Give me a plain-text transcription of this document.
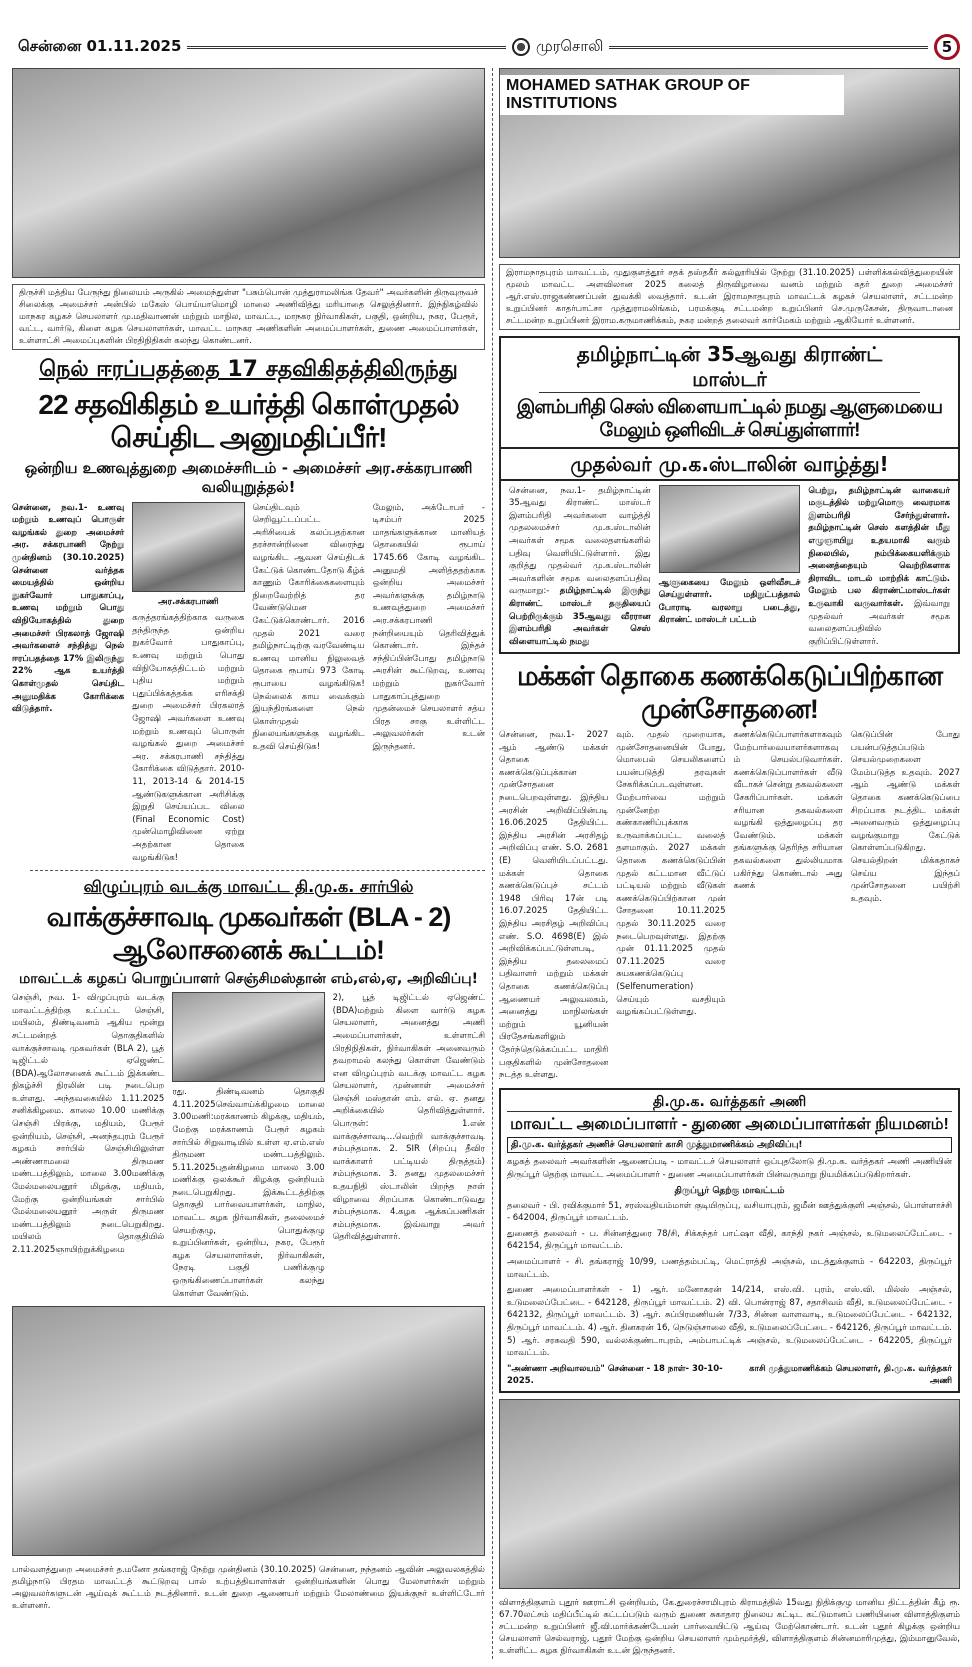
சென்னை 01.11.2025	முரசொலி	5
திருச்சி மத்திய பேருந்து நிலையம் அருகில் அமைந்துள்ள "பசும்பொன் முத்துராமலிங்க தேவர்" அவர்களின் திருவுருவச் சிலைக்கு அமைச்சர் அன்பில் மகேஸ் பொய்யாமொழி மாலை அணிவித்து மரியாதை செலுத்தினார். இந்நிகழ்வில் மாநகர கழகச் செயலாளர் மு.மதிவாணன் மற்றும் மாநில, மாவட்ட, மாநகர நிர்வாகிகள், பகுதி, ஒன்றிய, நகர, பேரூர், வட்ட, வார்டு, கிளை கழக செயலாளர்கள், மாவட்ட மாநகர அணிகளின் அமைப்பாளர்கள், துணை அமைப்பாளர்கள், உள்ளாட்சி அமைப்புகளின் பிரதிநிதிகள் கலந்து கொண்டனர்.
நெல் ஈரப்பதத்தை 17 சதவிகிதத்திலிருந்து
22 சதவிகிதம் உயர்த்தி கொள்முதல் செய்திட அனுமதிப்பீர்!
ஒன்றிய உணவுத்துறை அமைச்சரிடம் - அமைச்சர் அர.சக்கரபாணி வலியுறுத்தல்!
சென்னை, நவ.1- உணவு மற்றும் உணவுப் பொருள் வழங்கல் துறை அமைச்சர் அர. சக்கரபாணி நேற்று முன்தினம் (30.10.2025) சென்னை வர்த்தக மையத்தில் ஒன்றிய நுகர்வோர் பாதுகாப்பு, உணவு மற்றும் பொது விநியோகத்தில் துறை அமைச்சர் பிரகலாத் ஜோஷி அவர்களைச் சந்தித்து நெல் ஈரப்பதத்தை 17% இலிருந்து 22% ஆக உயர்த்தி கொள்முதல் செய்திட அனுமதிக்க கோரிக்கை விடுத்தார்.
அர.சக்கரபாணி
கருத்தரங்கத்திற்காக வருகை தந்திருந்த ஒன்றிய நுகர்வோர் பாதுகாப்பு, உணவு மற்றும் பொது விநியோகத்திட்டம் மற்றும் புதிய மற்றும் புதுப்பிக்கத்தக்க எரிசக்தி துறை அமைச்சர் பிரகலாத் ஜோஷி அவர்களை உணவு மற்றும் உணவுப் பொருள் வழங்கல் துறை அமைச்சர் அர. சக்கரபாணி சந்தித்து கோரிக்கை விடுத்தார். 2010-11, 2013-14 & 2014-15 ஆண்டுகளுக்கான அரிசிக்கு இறுதி செய்யப்பட விலை (Final Economic Cost) முன்மொழிவினை ஏற்று அதற்கான தொகை வழங்கிடுக!
செய்திடவும் செறிவூட்டப்பட்ட அரிசியைக் கலப்பதற்கான தரச்சான்றினை விரைந்து வழங்கிட ஆவன செய்திடக் கேட்டுக் கொண்டதோடு கீழ்க் காணும் கோரிக்கைகளையும் நிறைவேற்றித் தர வேண்டுமென கேட்டுக்கொண்டார். 2016 முதல் 2021 வரை தமிழ்நாட்டிற்கு வரவேண்டிய உணவு மானிய நிலுவைத் தொகை ரூபாய் 973 கோடி ரூபாயை வழங்கிடுக! நெல்லைக் காய வைக்கும் இயந்திரங்களை நெல் கொள்முதல் நிலையங்களுக்கு வழங்கிட உதவி செய்திடுக!
மேலும், அக்டோபர் - டிசம்பர் 2025 மாதங்களுக்கான மானியத் தொகையில் ரூபாய் 1745.66 கோடி வழங்கிட அனுமதி அளித்ததற்காக ஒன்றிய அமைச்சர் அவர்களுக்கு தமிழ்நாடு உணவுத்துறை அமைச்சர் அர.சக்கரபாணி நன்றியையும் தெரிவித்துக் கொண்டார். இந்தச் சந்திப்பின்போது தமிழ்நாடு அரசின் கூட்டுறவு, உணவு மற்றும் நுகர்வோர் பாதுகாப்புத்துறை முதன்மைச் செயலாளர் சத்ய பிரத சாகு உள்ளிட்ட அலுவலர்கள் உடன் இருந்தனர்.
விழுப்புரம் வடக்கு மாவட்ட தி.மு.க. சார்பில்
வாக்குச்சாவடி முகவர்கள் (BLA - 2) ஆலோசனைக் கூட்டம்!
மாவட்டக் கழகப் பொறுப்பாளர் செஞ்சிமஸ்தான் எம்,எல்,ஏ, அறிவிப்பு!
செஞ்சி, நவ. 1- விழுப்புரம் வடக்கு மாவட்டத்திற்கு உட்பட்ட செஞ்சி, மயிலம், திண்டிவனம் ஆகிய மூன்று சட்டமன்றத் தொகுதிகளில் வாக்குச்சாவடி முகவர்கள் (BLA 2), பூத் டிஜிட்டல் ஏஜெண்ட் (BDA)ஆலோசனைக் கூட்டம் இக்கண்ட நிகழ்ச்சி நிரலின் படி நடைபெற உள்ளது. அந்தவகையில் 1.11.2025 சனிக்கிழமை. காலை 10.00 மணிக்கு செஞ்சி பிரக்கு, மதியம், பேரூர் ஒன்றியம், செஞ்சி, அனந்தபுரம் பேரூர் கழகம் சார்பில் செஞ்சியிலுள்ள அண்ணாமலை திருமண மண்டபத்திலும், மாலை 3.00மணிக்கு மேல்மலையனூர் மிழக்கு, மதியம், மேற்கு ஒன்றியங்கள் சார்பில் மேல்மலையனூர் அருள் திருமண மண்டபத்திலும் நடைபெறுகிறது. மயிலம் தொகுதியில் 2.11.2025ஞாயிற்றுக்கிழமை
ரது. திண்டிவனம் தொகுதி 4.11.2025செவ்வாய்க்கிழமை மாலை 3.00மணி:மரக்காணம் கிழக்கு, மதியம், மேற்கு மரக்காணம் பேரூர் கழகம் சார்பில் சிறுவாடியில் உள்ள ஏ.எம்.எஸ் திருமண மண்டபத்திலும். 5.11.2025புதன்கிழமை மாலை 3.00 மணிக்கு ஒலக்கூர் கிழக்கு ஒன்றியம் நடைபெறுகிறது. இக்கூட்டத்திற்கு தொகுதி பார்வையாளர்கள், மாநில, மாவட்ட கழக நிர்வாகிகள், தலைமைச் செயற்குழு, பொதுக்குழு உறுப்பினர்கள், ஒன்றிய, நகர, பேரூர் கழக செயலாளர்கள், நிர்வாகிகள், நேரடி பகுதி பணிக்குழு ஒருங்கிணைப்பாளர்கள் கலந்து கொள்ள வேண்டும்.
2), பூத் டிஜிட்டல் ஏஜெண்ட் (BDA)மற்றும் கிளை வார்டு கழக செயலாளர், அனைத்து அணி அமைப்பாளர்கள், உள்ளாட்சி பிரதிநிதிகள், நிர்வாகிகள் அனைவரும் தவறாமல் கலந்து கொள்ள வேண்டும் என விழுப்புரம் வடக்கு மாவட்ட கழக செயலாளர், முன்னாள் அமைச்சர் செஞ்சி மஸ்தான் எம். எல். ஏ. தனது அறிக்கையில் தெரிவித்துள்ளார். பொருள்: 1.என் வாக்குச்சாவடி...வெற்றி வாக்குச்சாவடி சம்பந்தமாக. 2. SIR (சிறப்பு தீவிர வாக்காளர் பட்டியல் திருத்தம்) சம்பந்தமாக. 3. தனது முதலமைச்சர் உதயநிதி ஸ்டாலின் பிறந்த நாள் விழாவை சிறப்பாக கொண்டாடுவது சம்பந்தமாக. 4.கழக ஆக்கப்பணிகள் சம்பந்தமாக. இவ்வாறு அவர் தெரிவித்துள்ளார்.
பால்வளத்துறை அமைச்சர் த.மனோ தங்கராஜ் நேற்று முன்தினம் (30.10.2025) சென்னை, நந்தனம் ஆவின் அலுவலகத்தில் தமிழ்நாடு பிரதம மாவட்டத் கூட்டுறவு பால் உற்பத்தியாளர்கள் ஒன்றியங்களின் பொது மேலாளர்கள் மற்றும் அலுவலர்களுடன் ஆய்வுக் கூட்டம் நடத்தினார். உடன் துறை ஆணையர் மற்றும் மேலாண்மை இயக்குநர் உள்ளிட்டோர் உள்ளனர்.
MOHAMED SATHAK GROUP OF INSTITUTIONS
இராமநாதபுரம் மாவட்டம், முதுகுளத்தூர் சதக் தஸ்தகீர் கல்லூரியில் நேற்று (31.10.2025) பள்ளிக்கல்வித்துறையின் மூலம் மாவட்ட அளவிலான 2025 கலைத் திருவிழாவை வனம் மற்றும் கதர் துறை அமைச்சர் ஆர்.எஸ்.ராஜகண்ணப்பன் துவக்கி வைத்தார். உடன் இராமநாதபுரம் மாவட்டக் கழகச் செயலாளர், சட்டமன்ற உறுப்பினர் காதர்பாட்சா முத்துராமலிங்கம், பரமக்குடி சட்டமன்ற உறுப்பினர் செ.முருகேசன், திருவாடானை சட்டமன்ற உறுப்பினர் இராம.கருமாணிக்கம், நகர மன்றத் தலைவர் கார்மேகம் மற்றும் ஆகியோர் உள்ளனர்.
தமிழ்நாட்டின் 35ஆவது கிராண்ட் மாஸ்டர்
இளம்பரிதி செஸ் விளையாட்டில் நமது ஆளுமையை மேலும் ஒளிவிடச் செய்துள்ளார்!
முதல்வர் மு.க.ஸ்டாலின் வாழ்த்து!
சென்னை, நவ.1- தமிழ்நாட்டின் 35ஆவது கிராண்ட் மாஸ்டர் இளம்பரிதி அவர்களை வாழ்த்தி முதலமைச்சர் மு.க.ஸ்டாலின் அவர்கள் சமூக வலைதளங்களில் பதிவு வெளியிட்டுள்ளார். இது குறித்து முதல்வர் மு.க.ஸ்டாலின் அவர்களின் சமூக வலைதளப்பதிவு வருமாறு:- தமிழ்நாட்டில் இருந்து கிராண்ட் மாஸ்டர் தகுதியைப் பெற்றிருக்கும் 35ஆவது வீரரான இளம்பரிதி அவர்கள் செஸ் விளையாட்டில் நமது
ஆளுகையை மேலும் ஒளிவீசடச் செய்துள்ளார். மதிநுட்பத்தால் போராடி வரலாறு படைத்து, கிராண்ட் மாஸ்டர் பட்டம்
பெற்று, தமிழ்நாட்டின் வாகையர் மகுடத்தில் மற்றுமொரு வைரமாக இளம்பரிதி சேர்ந்துள்ளார். தமிழ்நாட்டின் செஸ் களத்தின் மீது எழுஞாயிறு உதயமாகி வரும் நிலையில், நம்பிக்கையளிக்கும் அனைத்தையும் வெற்றிகளாக திராவிட மாடல் மாற்றிக் காட்டும். மேலும் பல கிராண்ட்மாஸ்டர்கள் உருவாகி வருவார்கள். இவ்வாறு முதல்வர் அவர்கள் சமூக வலைதளப்பதிவில் குறிப்பிட்டுள்ளார்.
மக்கள் தொகை கணக்கெடுப்பிற்கான முன்சோதனை!
சென்னை, நவ.1- 2027 ஆம் ஆண்டு மக்கள் தொகை கணக்கெடுப்புக்கான முன்சோதனை நடைபெறவுள்ளது. இந்திய அரசின் அறிவிப்பின்படி 16.06.2025 தேதியிட்ட இந்திய அரசின் அரசிதழ் அறிவிப்பு எண். S.O. 2681 (E) வெளியிடப்பட்டது. மக்கள் தொகை கணக்கெடுப்புச் சட்டம் 1948 பிரிவு 17ன் படி 16.07.2025 தேதியிட்ட இந்திய அரசிதழ் அறிவிப்பு எண். S.O. 4698(E) இல் அறிவிக்கப்பட்டுள்ளபடி, இந்திய தலைமைப் பதிவாளர் மற்றும் மக்கள் தொகை கணக்கெடுப்பு ஆணையர் அலுவலகம், அனைத்து மாநிலங்கள் மற்றும் யூனியன் பிரதேசங்களிலும் தேர்ந்தெடுக்கப்பட்ட மாதிரி பகுதிகளில் முன்சோதனை நடத்த உள்ளது.
வும். முதல் முறையாக, முன்சோதனையின் போது, மொபைல் செயலிகளைப் பயன்படுத்தி தரவுகள் சேகரிக்கப்படவுள்ளன. மேற்பார்வை மற்றும் முன்னேற்ற கண்காணிப்புக்காக உருவாக்கப்பட்ட வலைத் தளமாகும். 2027 மக்கள் தொகை கணக்கெடுப்பின் முதல் கட்டமான வீட்டுப் பட்டியல் மற்றும் வீடுகள் கணக்கெடுப்பிற்கான முன் சோதனை 10.11.2025 முதல் 30.11.2025 வரை நடைபெறவுள்ளது. இதற்கு முன் 01.11.2025 முதல் 07.11.2025 வரை சுயகணக்கெடுப்பு (Selfenumeration) செய்யும் வசதியும் வழங்கப்பட்டுள்ளது.
கணக்கெடுப்பாளர்களாகவும் மேற்பார்வையாளர்களாகவும் செயல்படுவார்கள். கணக்கெடுப்பாளர்கள் வீடு வீடாகச் சென்று தகவல்களை சேகரிப்பார்கள். மக்கள் சரியான தகவல்களை வழங்கி ஒத்துழைப்பு தர வேண்டும். மக்கள் தங்களுக்கு தெரிந்த சரியான தகவல்களை துல்லியமாக பகிர்ந்து கொண்டால் அது கணக்
கெடுப்பின் போது பயன்படுத்தப்படும் செயல்முறைகளை மேம்படுத்த உதவும். 2027 ஆம் ஆண்டு மக்கள் தொகை கணக்கெடுப்பை சிறப்பாக நடத்திட மக்கள் அனைவரும் ஒத்துழைப்பு வழங்குமாறு கேட்டுக் கொள்ளப்படுகிறது. செயல்திறன் மிக்கதாகச் செய்ய இந்தப் முன்சோதனை பயிற்சி உதவும்.
தி.மு.க. வர்த்தகர் அணி
மாவட்ட அமைப்பாளர் - துணை அமைப்பாளர்கள் நியமனம்!
தி.மு.க. வர்த்தகர் அணிச் செயலாளர் காசி முத்துமாணிக்கம் அறிவிப்பு!
கழகத் தலைவர் அவர்களின் ஆணைப்படி - மாவட்டச் செயலாளர் ஒப்புதலோடு தி.மு.க. வர்த்தகர் அணி அணியின் திருப்பூர் தெற்கு மாவட்ட அமைப்பாளர் - துணை அமைப்பாளர்கள் பின்வருமாறு நியமிக்கப்படுகிறார்கள்.
திருப்பூர் தெற்கு மாவட்டம்
தலைவர் - பி. ரவிக்குமார் 51, சரஸ்வதியம்மாள் குடியிருப்பு, வசியாபுரம், ஜமீன் ஊத்துக்குளி அஞ்சல், பொள்ளாச்சி - 642004, திருப்பூர் மாவட்டம்.
துணைத் தலைவர் - ப. சின்னத்துரை 78/சி, சிக்கந்தர் பாட்ஷா வீதி, காந்தி நகர் அஞ்சல், உடுமலைப்பேட்டை - 642154, திருப்பூர் மாவட்டம்.
அமைப்பாளர் - சி. தங்கராஜ் 10/99, பணத்தம்பட்டி, மெட்ராத்தி அஞ்சல், மடத்துக்குளம் - 642203, திருப்பூர் மாவட்டம்.
துணை அமைப்பாளர்கள் - 1) ஆர். மனோகரன் 14/214, எஸ்.வி. புரம், எஸ்.வி. மில்ஸ் அஞ்சல், உடுமலைப்பேட்டை - 642128, திருப்பூர் மாவட்டம். 2) வி. பொன்ராஜ் 87, சதாசிவம் வீதி, உடுமலைப்பேட்டை - 642132, திருப்பூர் மாவட்டம். 3) ஆர். சுப்பிரமணியன் 7/33, சின்ன வாளவாடி, உடுமலைப்பேட்டை - 642132, திருப்பூர் மாவட்டம். 4) ஆர். தினகரன் 16, நெடுஞ்சாலை வீதி, உடுமலைப்பேட்டை - 642126, திருப்பூர் மாவட்டம். 5) ஆர். சரசுவதி 590, வல்லக்குண்டாபுரம், அம்பாபட்டிக் அஞ்சல், உடுமலைப்பேட்டை - 642205, திருப்பூர் மாவட்டம்.
"அண்ணா அறிவாலயம்" சென்னை - 18 நாள்- 30-10-2025.
காசி முத்துமாணிக்கம் செயலாளர், தி.மு.க. வர்த்தகர் அணி
விளாத்திகுளம் புதூர் ஊராட்சி ஒன்றியம், கே.துரைச்சாமிபுரம் கிராமத்தில் 15வது நிதிக்குழு மானிய திட்டத்தின் கீழ் ரூ. 67.70லட்சம் மதிப்பீட்டில் கட்டப்படும் வரும் துணை சுகாதார நிலைய கட்டிட கட்டுமானப் பணியினை விளாத்திகுளம் சட்டமன்ற உறுப்பினர் ஜீ.வி.மார்க்கண்டேயன் பார்வையிட்டு ஆய்வு மேற்கொண்டார். உடன் புதூர் கிழக்கு ஒன்றிய செயலாளர் செல்வராஜ், புதூர் மேற்கு ஒன்றிய செயலாளர் மும்மூர்த்தி, விளாத்திகுளம் சின்னமாரிமுத்து, இம்மானுவேல், உள்ளிட்ட கழக நிர்வாகிகள் உடன் இருந்தனர்.
